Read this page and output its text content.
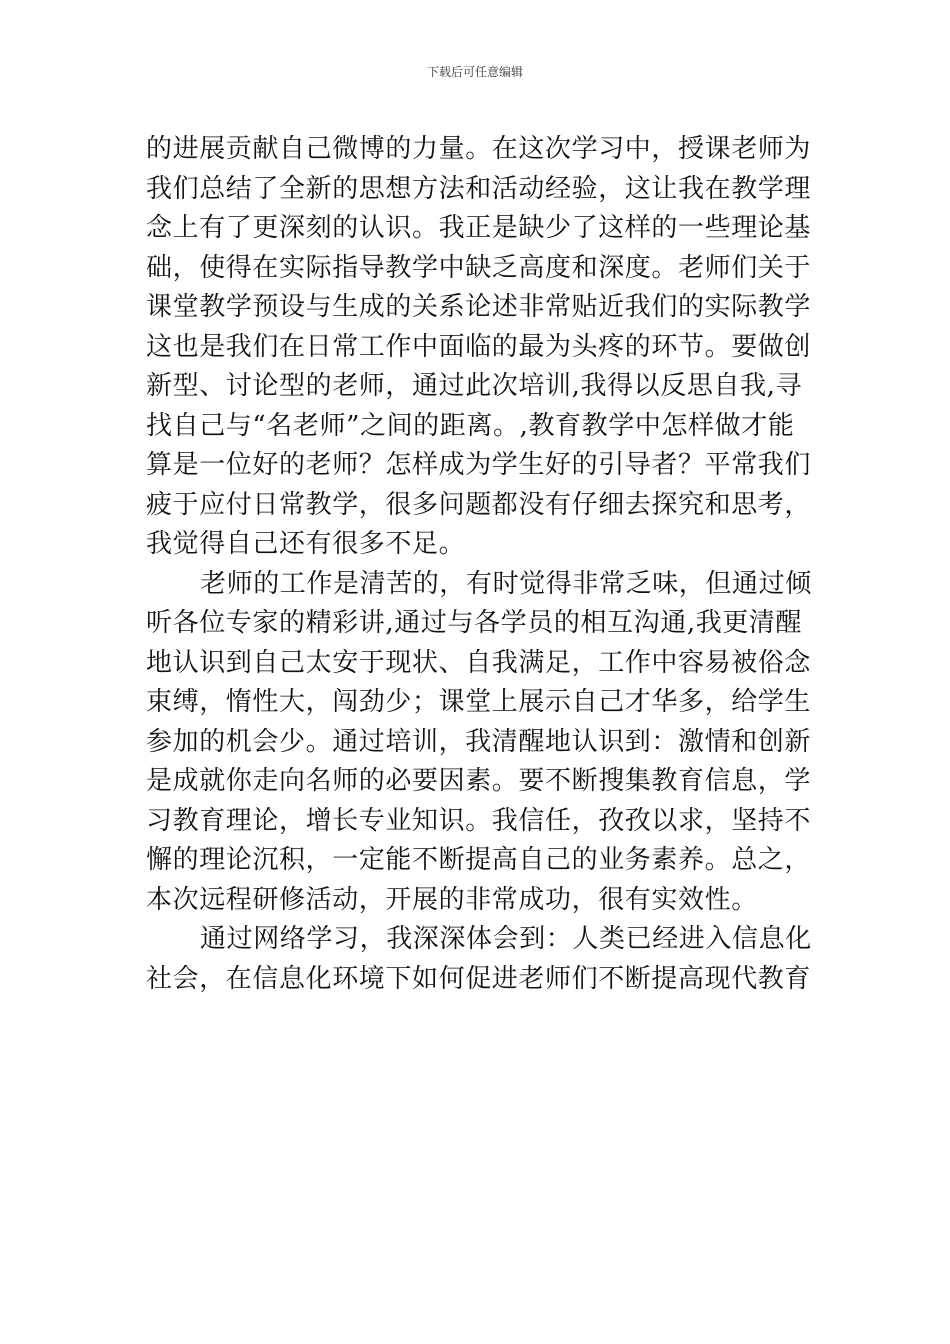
下载后可任意编辑
的进展贡献自己微博的力量。在这次学习中，授课老师为
我们总结了全新的思想方法和活动经验，这让我在教学理
念上有了更深刻的认识。我正是缺少了这样的一些理论基
础，使得在实际指导教学中缺乏高度和深度。老师们关于
课堂教学预设与生成的关系论述非常贴近我们的实际教学
这也是我们在日常工作中面临的最为头疼的环节。要做创
新型、讨论型的老师，通过此次培训,我得以反思自我,寻
找自己与“名老师”之间的距离。,教育教学中怎样做才能
算是一位好的老师？怎样成为学生好的引导者？平常我们
疲于应付日常教学，很多问题都没有仔细去探究和思考，
我觉得自己还有很多不足。
老师的工作是清苦的，有时觉得非常乏味，但通过倾
听各位专家的精彩讲,通过与各学员的相互沟通,我更清醒
地认识到自己太安于现状、自我满足，工作中容易被俗念
束缚，惰性大，闯劲少；课堂上展示自己才华多，给学生
参加的机会少。通过培训，我清醒地认识到：激情和创新
是成就你走向名师的必要因素。要不断搜集教育信息，学
习教育理论，增长专业知识。我信任，孜孜以求，坚持不
懈的理论沉积，一定能不断提高自己的业务素养。总之，
本次远程研修活动，开展的非常成功，很有实效性。
通过网络学习，我深深体会到：人类已经进入信息化
社会，在信息化环境下如何促进老师们不断提高现代教育
